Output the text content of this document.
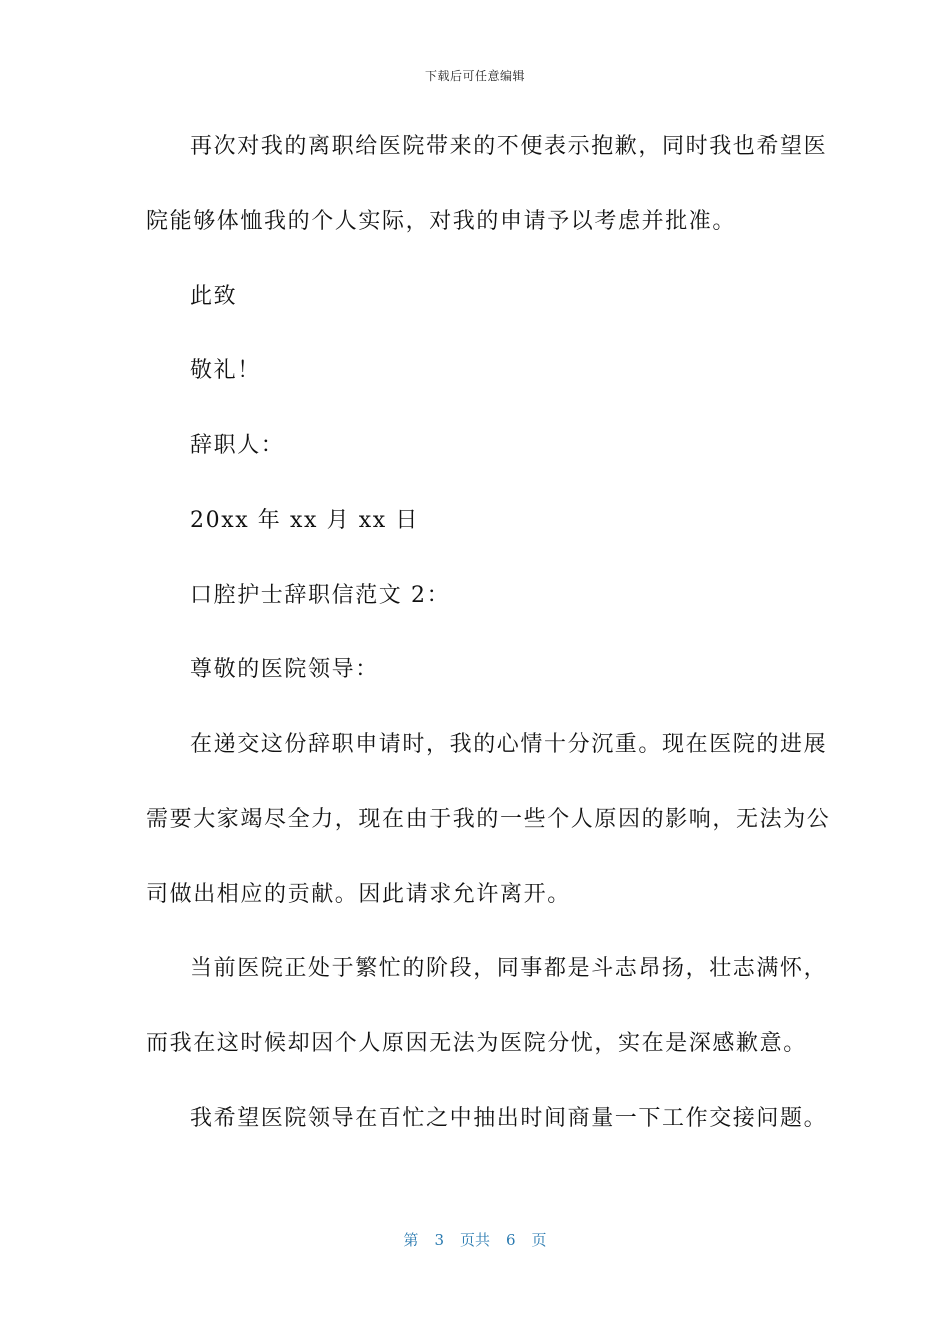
下载后可任意编辑
再次对我的离职给医院带来的不便表示抱歉，同时我也希望医
院能够体恤我的个人实际，对我的申请予以考虑并批准。
此致
敬礼！
辞职人：
20xx 年 xx 月 xx 日
口腔护士辞职信范文 2：
尊敬的医院领导：
在递交这份辞职申请时，我的心情十分沉重。现在医院的进展
需要大家竭尽全力，现在由于我的一些个人原因的影响，无法为公
司做出相应的贡献。因此请求允许离开。
当前医院正处于繁忙的阶段，同事都是斗志昂扬，壮志满怀，
而我在这时候却因个人原因无法为医院分忧，实在是深感歉意。
我希望医院领导在百忙之中抽出时间商量一下工作交接问题。
第 3 页共 6 页
